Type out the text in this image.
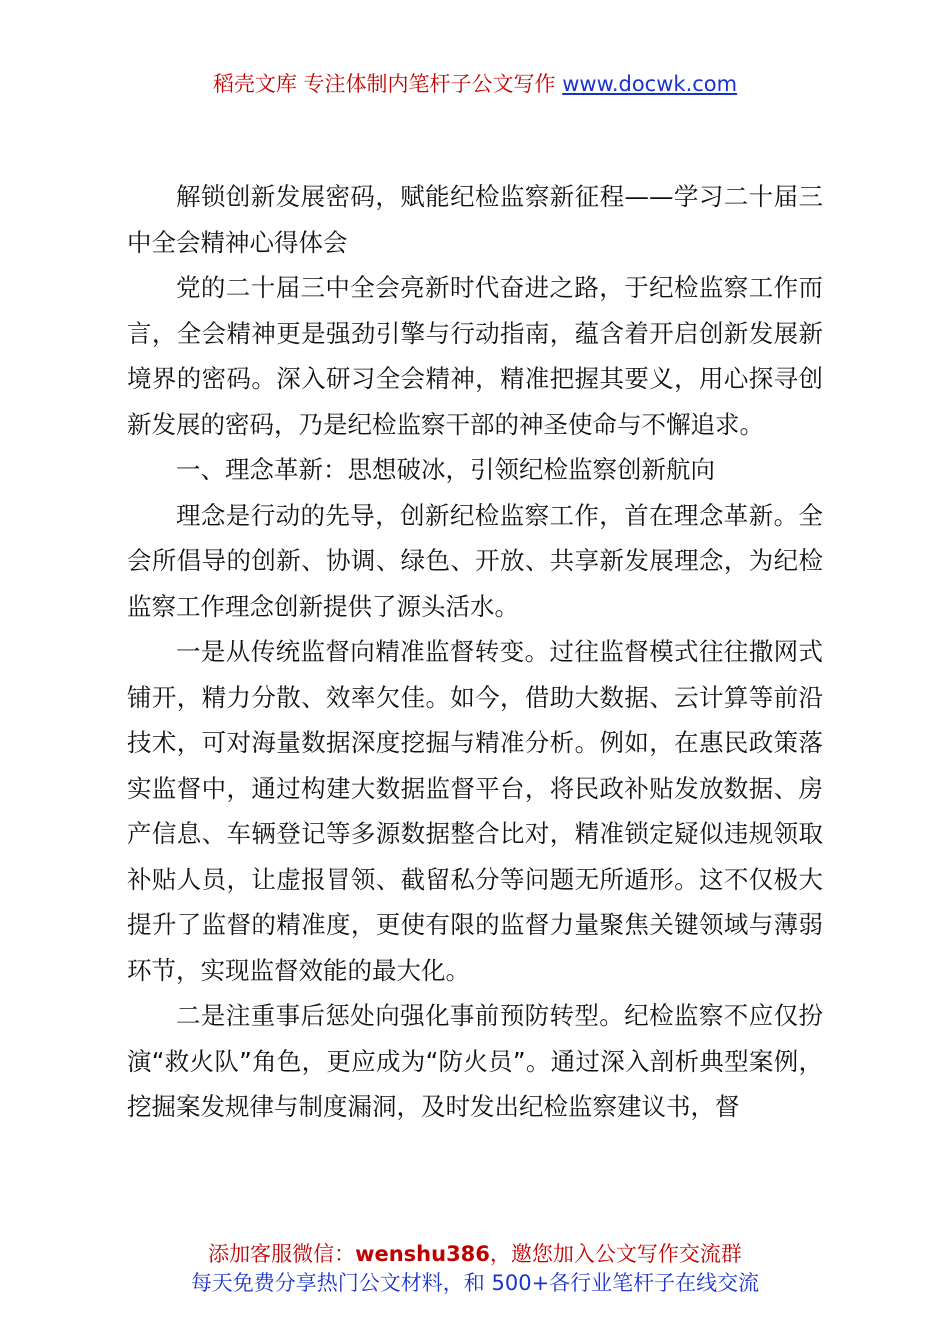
稻壳文库 专注体制内笔杆子公文写作 www.docwk.com

解锁创新发展密码，赋能纪检监察新征程——学习二十届三中全会精神心得体会

党的二十届三中全会亮新时代奋进之路，于纪检监察工作而言，全会精神更是强劲引擎与行动指南，蕴含着开启创新发展新境界的密码。深入研习全会精神，精准把握其要义，用心探寻创新发展的密码，乃是纪检监察干部的神圣使命与不懈追求。

一、理念革新：思想破冰，引领纪检监察创新航向

理念是行动的先导，创新纪检监察工作，首在理念革新。全会所倡导的创新、协调、绿色、开放、共享新发展理念，为纪检监察工作理念创新提供了源头活水。

一是从传统监督向精准监督转变。过往监督模式往往撒网式铺开，精力分散、效率欠佳。如今，借助大数据、云计算等前沿技术，可对海量数据深度挖掘与精准分析。例如，在惠民政策落实监督中，通过构建大数据监督平台，将民政补贴发放数据、房产信息、车辆登记等多源数据整合比对，精准锁定疑似违规领取补贴人员，让虚报冒领、截留私分等问题无所遁形。这不仅极大提升了监督的精准度，更使有限的监督力量聚焦关键领域与薄弱环节，实现监督效能的最大化。

二是注重事后惩处向强化事前预防转型。纪检监察不应仅扮演“救火队”角色，更应成为“防火员”。通过深入剖析典型案例，挖掘案发规律与制度漏洞，及时发出纪检监察建议书，督

添加客服微信：wenshu386，邀您加入公文写作交流群
每天免费分享热门公文材料，和 500+各行业笔杆子在线交流
